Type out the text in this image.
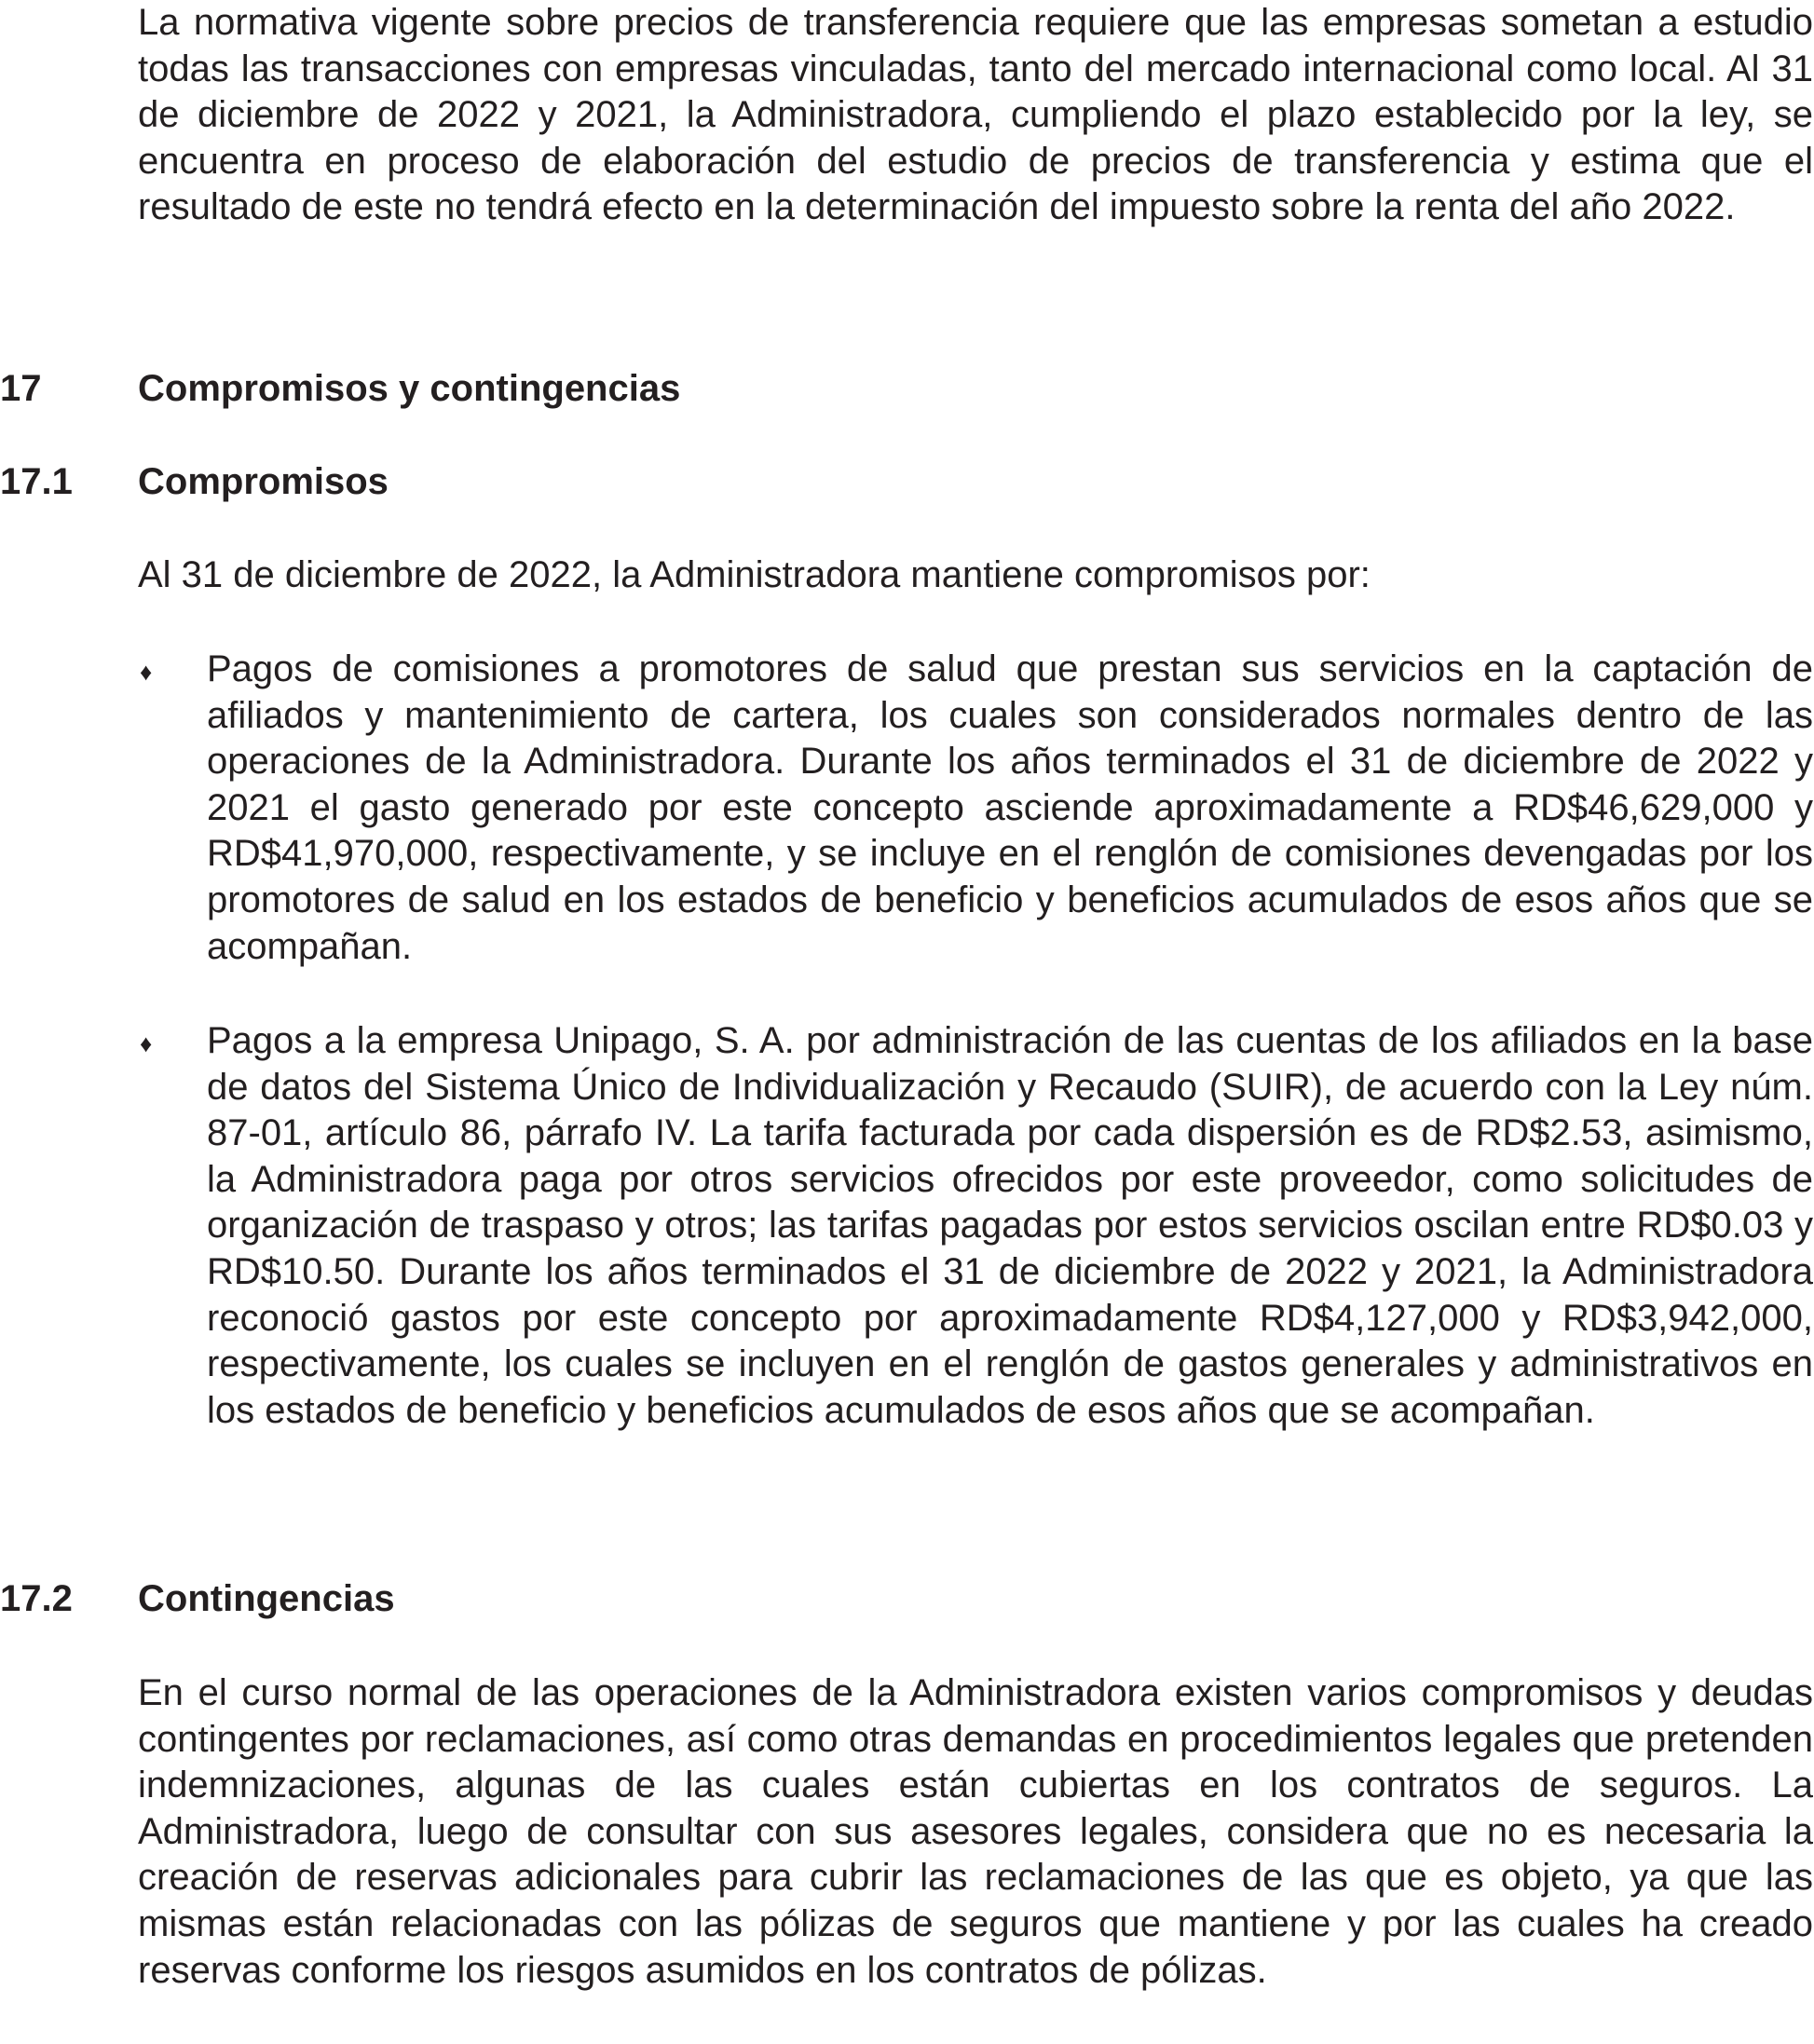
La normativa vigente sobre precios de transferencia requiere que las empresas sometan a estudio todas las transacciones con empresas vinculadas, tanto del mercado internacional como local. Al 31 de diciembre de 2022 y 2021, la Administradora, cumpliendo el plazo establecido por la ley, se encuentra en proceso de elaboración del estudio de precios de transferencia y estima que el resultado de este no tendrá efecto en la determinación del impuesto sobre la renta del año 2022.

17	Compromisos y contingencias
17.1 Compromisos

Al 31 de diciembre de 2022, la Administradora mantiene compromisos por:

♦ Pagos de comisiones a promotores de salud que prestan sus servicios en la captación de afiliados y mantenimiento de cartera, los cuales son considerados normales dentro de las operaciones de la Administradora. Durante los años terminados el 31 de diciembre de 2022 y 2021 el gasto generado por este concepto asciende aproximadamente a RD$46,629,000 y RD$41,970,000, respectivamente, y se incluye en el renglón de comisiones devengadas por los promotores de salud en los estados de beneficio y beneficios acumulados de esos años que se acompañan.

♦ Pagos a la empresa Unipago, S. A. por administración de las cuentas de los afiliados en la base de datos del Sistema Único de Individualización y Recaudo (SUIR), de acuerdo con la Ley núm. 87-01, artículo 86, párrafo IV. La tarifa facturada por cada dispersión es de RD$2.53, asimismo, la Administradora paga por otros servicios ofrecidos por este proveedor, como solicitudes de organización de traspaso y otros; las tarifas pagadas por estos servicios oscilan entre RD$0.03 y RD$10.50. Durante los años terminados el 31 de diciembre de 2022 y 2021, la Administradora reconoció gastos por este concepto por aproximadamente RD$4,127,000 y RD$3,942,000, respectivamente, los cuales se incluyen en el renglón de gastos generales y administrativos en los estados de beneficio y beneficios acumulados de esos años que se acompañan.

17.2 Contingencias

En el curso normal de las operaciones de la Administradora existen varios compromisos y deudas contingentes por reclamaciones, así como otras demandas en procedimientos legales que pretenden indemnizaciones, algunas de las cuales están cubiertas en los contratos de seguros. La Administradora, luego de consultar con sus asesores legales, considera que no es necesaria la creación de reservas adicionales para cubrir las reclamaciones de las que es objeto, ya que las mismas están relacionadas con las pólizas de seguros que mantiene y por las cuales ha creado reservas conforme los riesgos asumidos en los contratos de pólizas.
